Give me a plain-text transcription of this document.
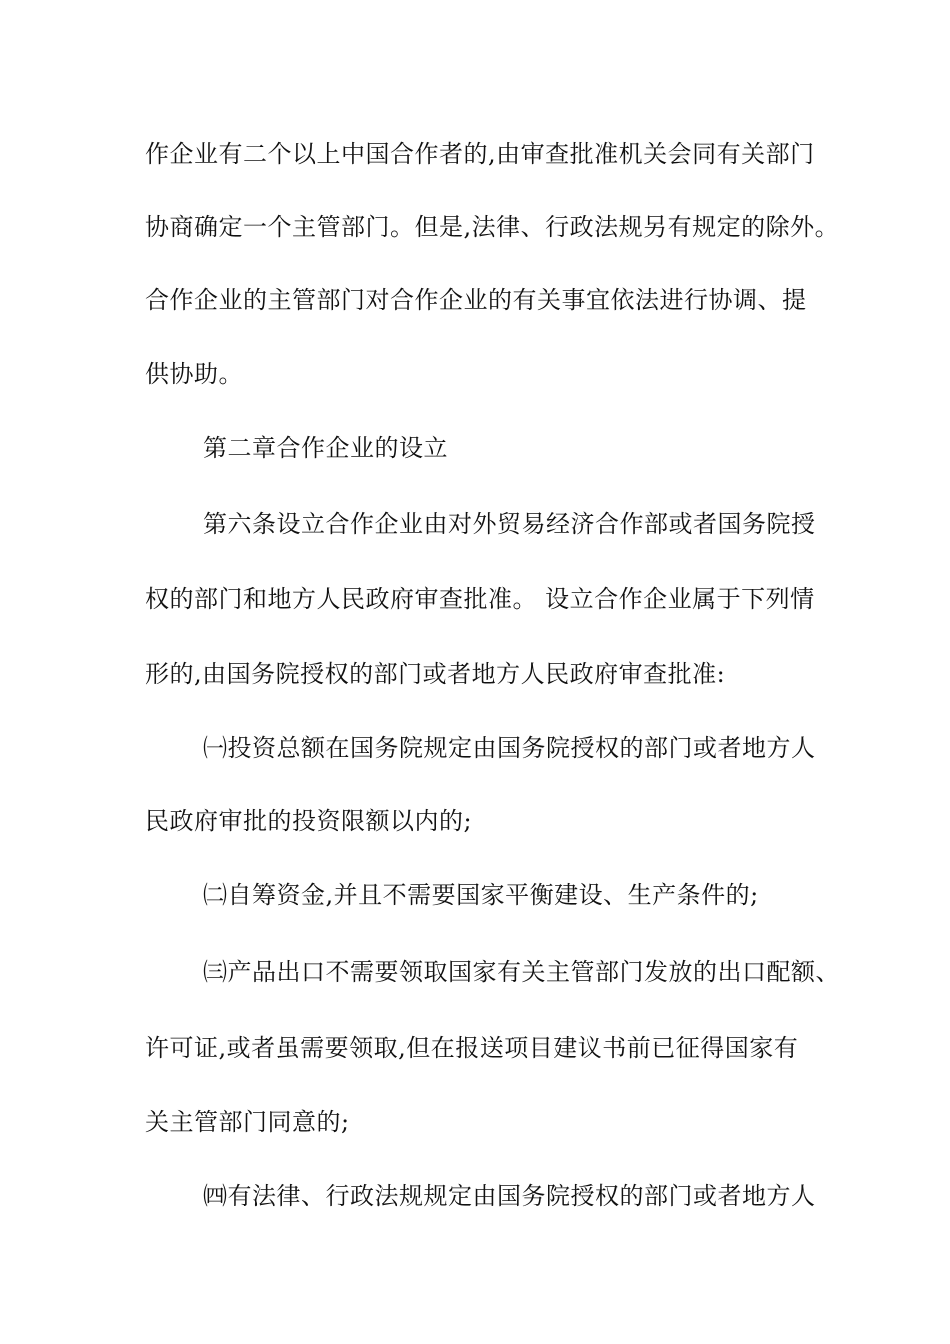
作企业有二个以上中国合作者的,由审查批准机关会同有关部门
协商确定一个主管部门。但是,法律、行政法规另有规定的除外。
合作企业的主管部门对合作企业的有关事宜依法进行协调、提
供协助。
第二章合作企业的设立
第六条设立合作企业由对外贸易经济合作部或者国务院授
权的部门和地方人民政府审查批准。 设立合作企业属于下列情
形的,由国务院授权的部门或者地方人民政府审查批准:
㈠投资总额在国务院规定由国务院授权的部门或者地方人
民政府审批的投资限额以内的;
㈡自筹资金,并且不需要国家平衡建设、生产条件的;
㈢产品出口不需要领取国家有关主管部门发放的出口配额、
许可证,或者虽需要领取,但在报送项目建议书前已征得国家有
关主管部门同意的;
㈣有法律、行政法规规定由国务院授权的部门或者地方人
